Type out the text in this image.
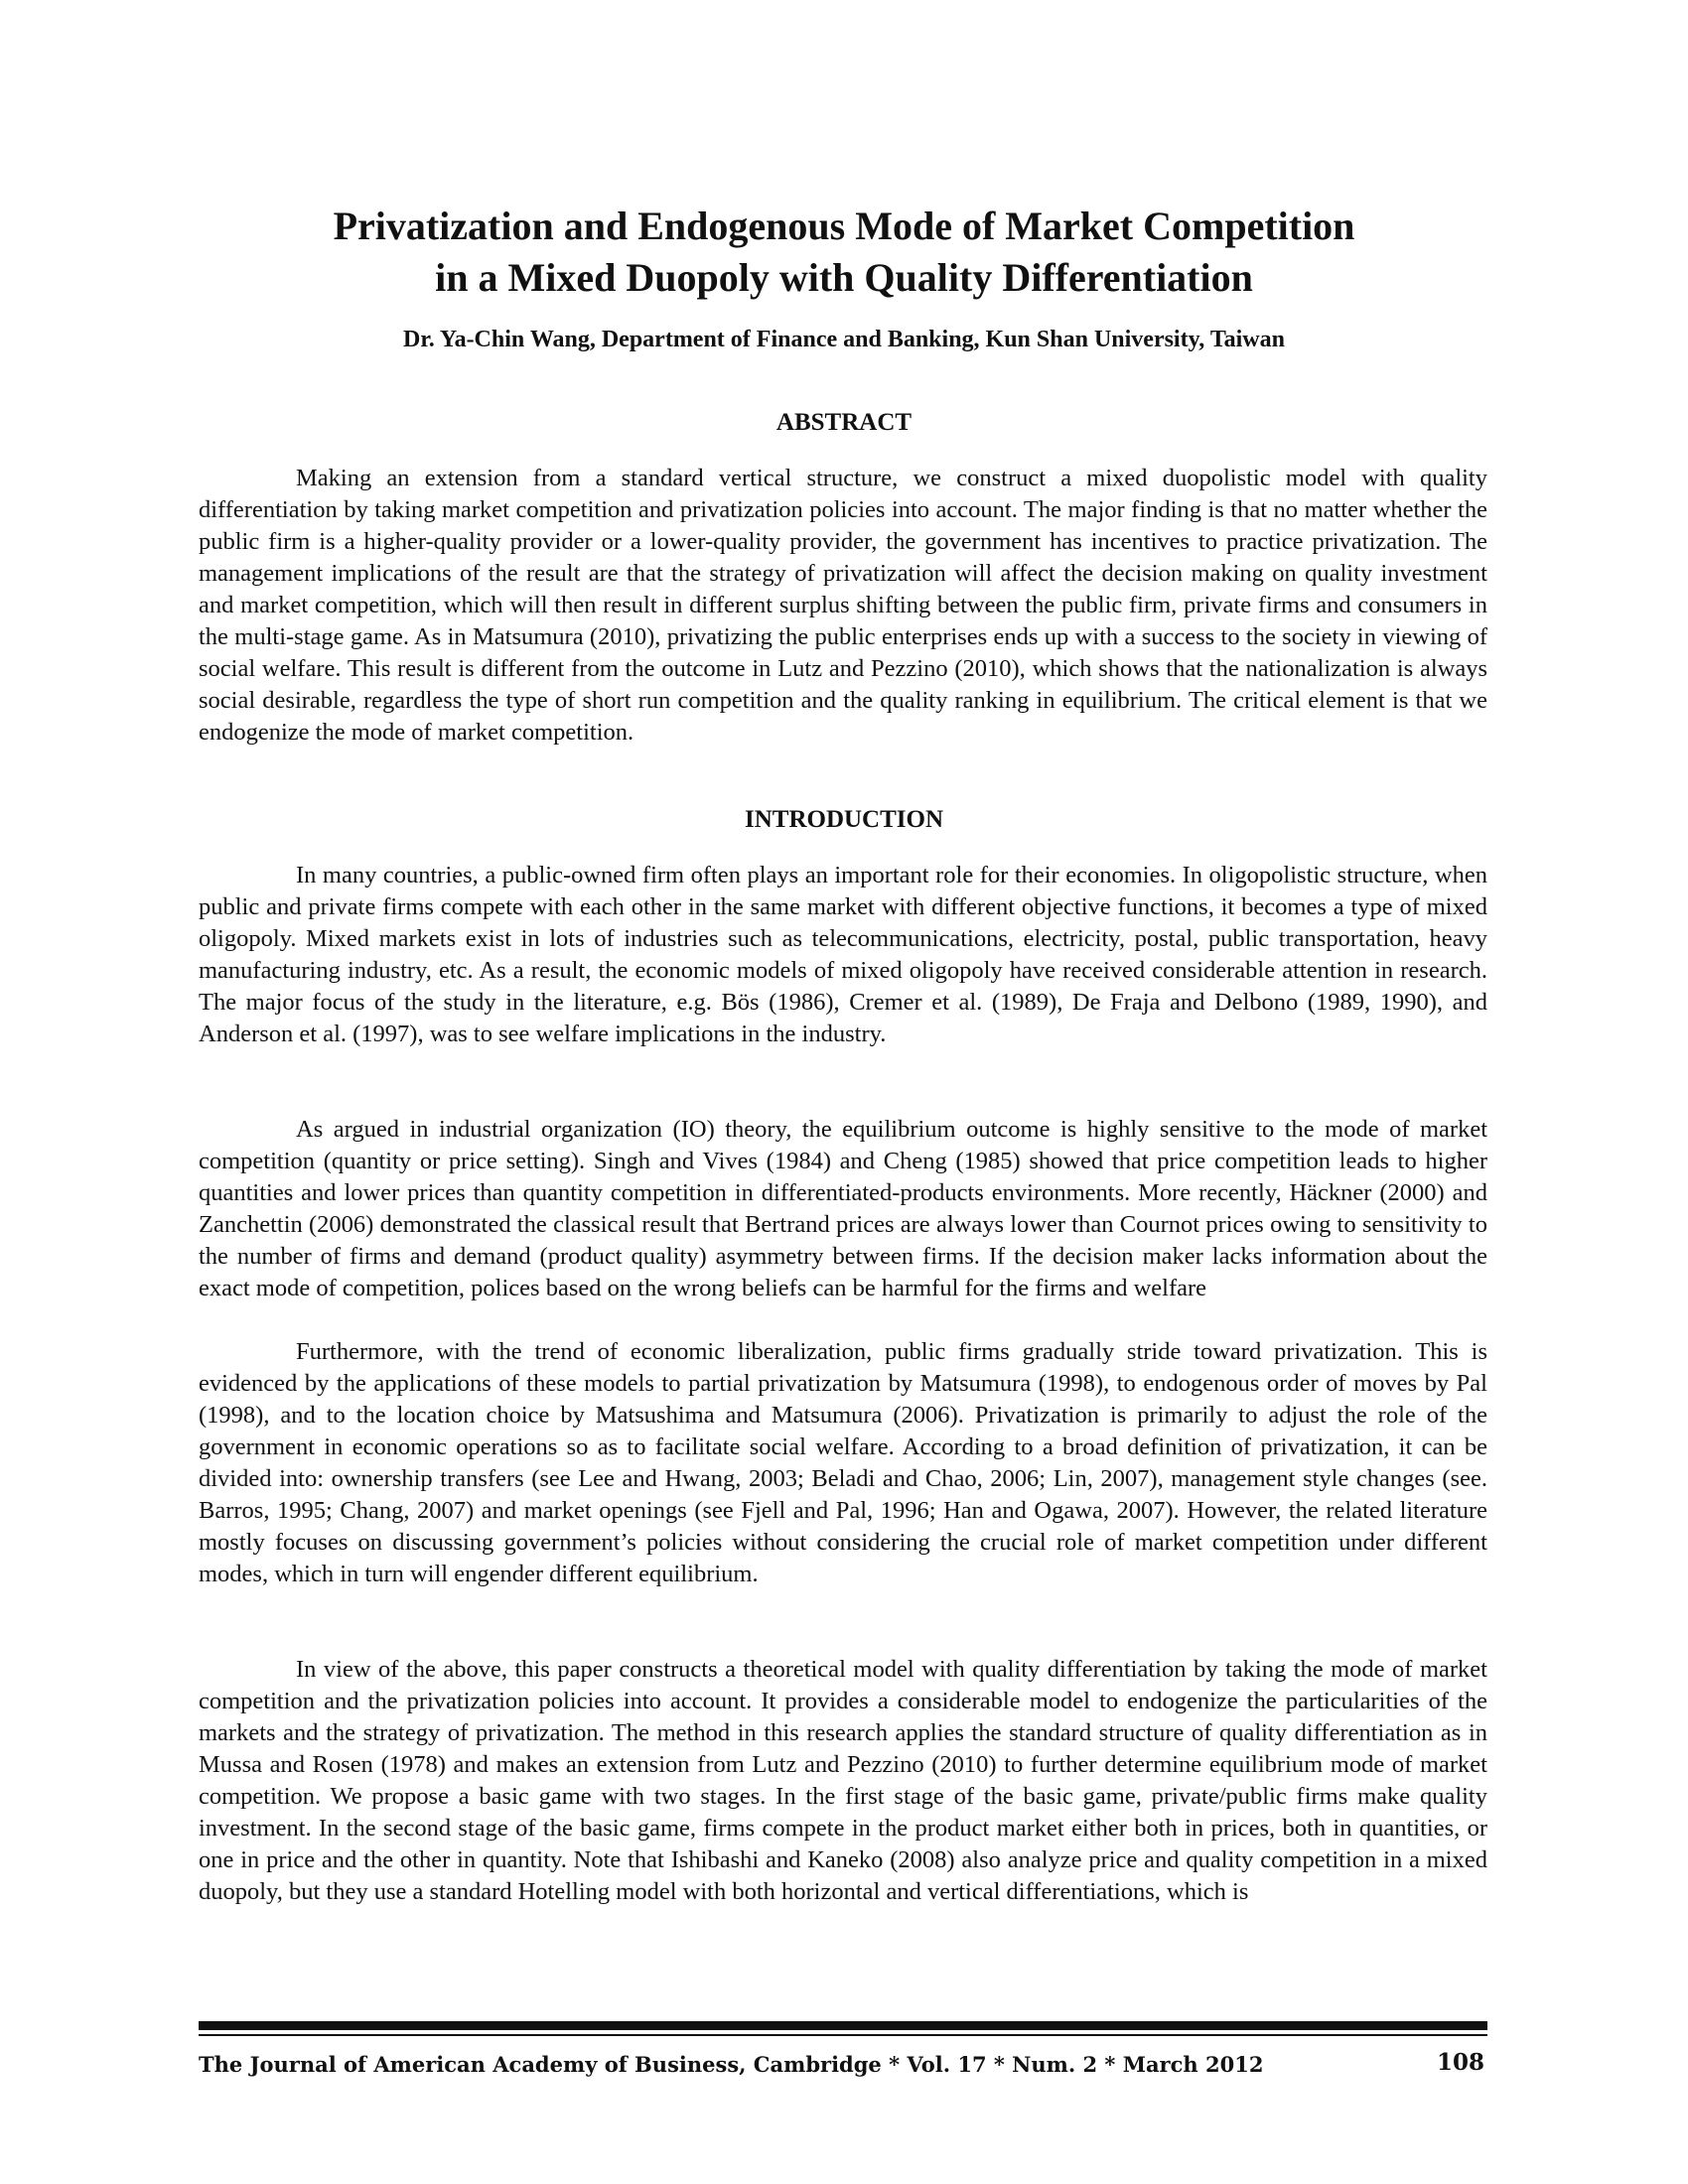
Privatization and Endogenous Mode of Market Competition
in a Mixed Duopoly with Quality Differentiation

Dr. Ya-Chin Wang, Department of Finance and Banking, Kun Shan University, Taiwan

ABSTRACT

Making an extension from a standard vertical structure, we construct a mixed duopolistic model with quality differentiation by taking market competition and privatization policies into account. The major finding is that no matter whether the public firm is a higher-quality provider or a lower-quality provider, the government has incentives to practice privatization. The management implications of the result are that the strategy of privatization will affect the decision making on quality investment and market competition, which will then result in different surplus shifting between the public firm, private firms and consumers in the multi-stage game. As in Matsumura (2010), privatizing the public enterprises ends up with a success to the society in viewing of social welfare. This result is different from the outcome in Lutz and Pezzino (2010), which shows that the nationalization is always social desirable, regardless the type of short run competition and the quality ranking in equilibrium. The critical element is that we endogenize the mode of market competition.

INTRODUCTION

In many countries, a public-owned firm often plays an important role for their economies. In oligopolistic structure, when public and private firms compete with each other in the same market with different objective functions, it becomes a type of mixed oligopoly. Mixed markets exist in lots of industries such as telecommunications, electricity, postal, public transportation, heavy manufacturing industry, etc. As a result, the economic models of mixed oligopoly have received considerable attention in research. The major focus of the study in the literature, e.g. Bös (1986), Cremer et al. (1989), De Fraja and Delbono (1989, 1990), and Anderson et al. (1997), was to see welfare implications in the industry.

As argued in industrial organization (IO) theory, the equilibrium outcome is highly sensitive to the mode of market competition (quantity or price setting). Singh and Vives (1984) and Cheng (1985) showed that price competition leads to higher quantities and lower prices than quantity competition in differentiated-products environments. More recently, Häckner (2000) and Zanchettin (2006) demonstrated the classical result that Bertrand prices are always lower than Cournot prices owing to sensitivity to the number of firms and demand (product quality) asymmetry between firms. If the decision maker lacks information about the exact mode of competition, polices based on the wrong beliefs can be harmful for the firms and welfare

Furthermore, with the trend of economic liberalization, public firms gradually stride toward privatization. This is evidenced by the applications of these models to partial privatization by Matsumura (1998), to endogenous order of moves by Pal (1998), and to the location choice by Matsushima and Matsumura (2006). Privatization is primarily to adjust the role of the government in economic operations so as to facilitate social welfare. According to a broad definition of privatization, it can be divided into: ownership transfers (see Lee and Hwang, 2003; Beladi and Chao, 2006; Lin, 2007), management style changes (see. Barros, 1995; Chang, 2007) and market openings (see Fjell and Pal, 1996; Han and Ogawa, 2007). However, the related literature mostly focuses on discussing government’s policies without considering the crucial role of market competition under different modes, which in turn will engender different equilibrium.

In view of the above, this paper constructs a theoretical model with quality differentiation by taking the mode of market competition and the privatization policies into account. It provides a considerable model to endogenize the particularities of the markets and the strategy of privatization. The method in this research applies the standard structure of quality differentiation as in Mussa and Rosen (1978) and makes an extension from Lutz and Pezzino (2010) to further determine equilibrium mode of market competition. We propose a basic game with two stages. In the first stage of the basic game, private/public firms make quality investment. In the second stage of the basic game, firms compete in the product market either both in prices, both in quantities, or one in price and the other in quantity. Note that Ishibashi and Kaneko (2008) also analyze price and quality competition in a mixed duopoly, but they use a standard Hotelling model with both horizontal and vertical differentiations, which is

The Journal of American Academy of Business, Cambridge * Vol. 17 * Num. 2 * March 2012	108
